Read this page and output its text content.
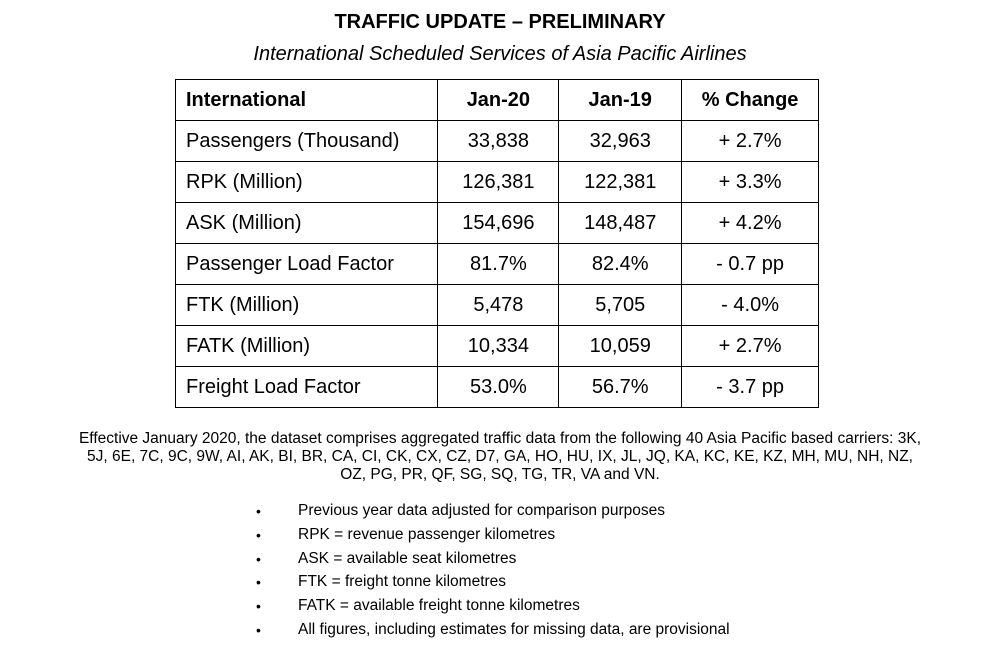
TRAFFIC UPDATE – PRELIMINARY
International Scheduled Services of Asia Pacific Airlines
International	Jan-20	Jan-19	% Change
Passengers (Thousand)	33,838	32,963	+ 2.7%
RPK (Million)	126,381	122,381	+ 3.3%
ASK (Million)	154,696	148,487	+ 4.2%
Passenger Load Factor	81.7%	82.4%	- 0.7 pp
FTK (Million)	5,478	5,705	- 4.0%
FATK (Million)	10,334	10,059	+ 2.7%
Freight Load Factor	53.0%	56.7%	- 3.7 pp
Effective January 2020, the dataset comprises aggregated traffic data from the following 40 Asia Pacific based carriers: 3K,
5J, 6E, 7C, 9C, 9W, AI, AK, BI, BR, CA, CI, CK, CX, CZ, D7, GA, HO, HU, IX, JL, JQ, KA, KC, KE, KZ, MH, MU, NH, NZ,
OZ, PG, PR, QF, SG, SQ, TG, TR, VA and VN.
• Previous year data adjusted for comparison purposes
• RPK = revenue passenger kilometres
• ASK = available seat kilometres
• FTK = freight tonne kilometres
• FATK = available freight tonne kilometres
• All figures, including estimates for missing data, are provisional
